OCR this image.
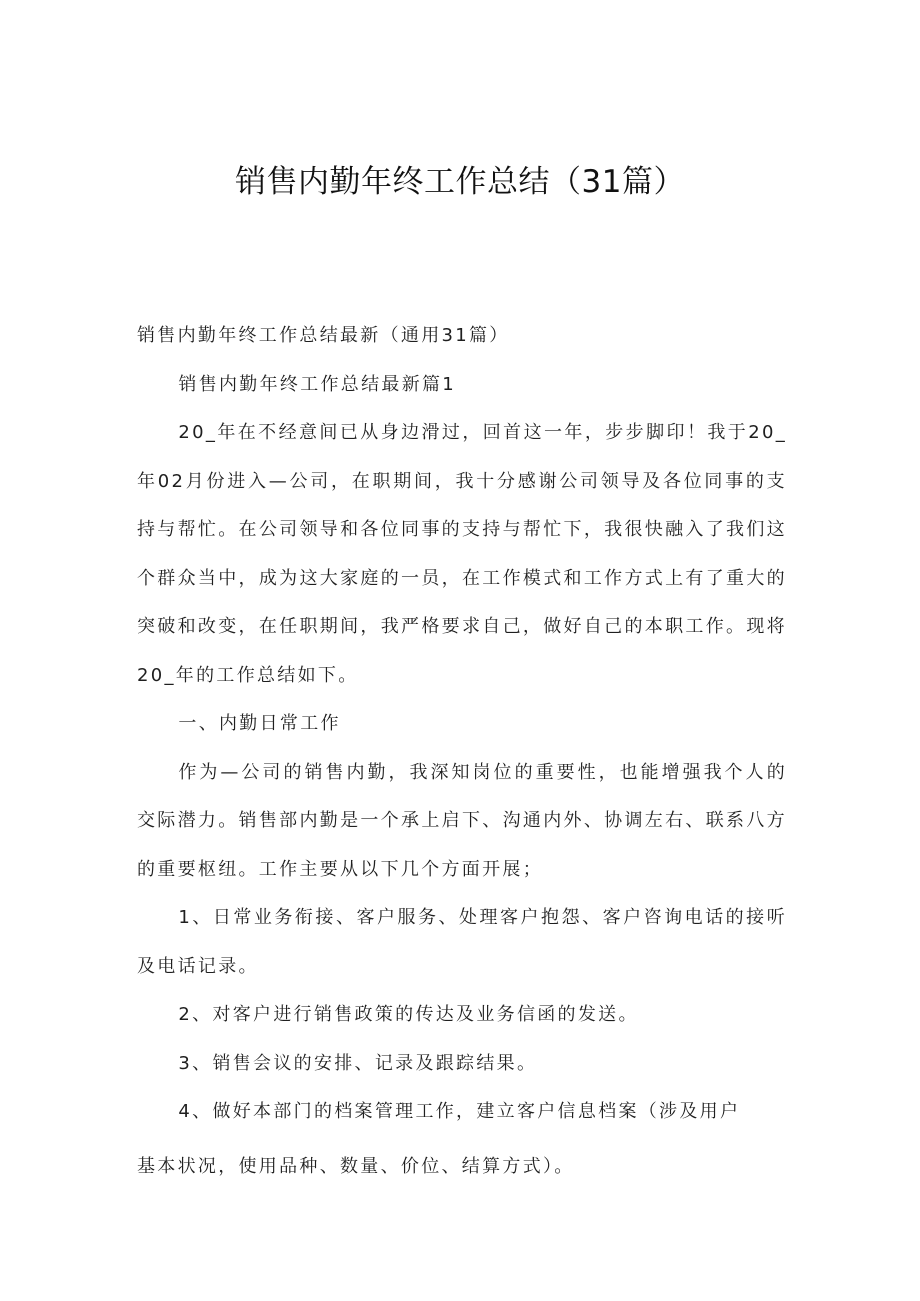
销售内勤年终工作总结（31篇）

销售内勤年终工作总结最新（通用31篇）

销售内勤年终工作总结最新篇1

20_年在不经意间已从身边滑过，回首这一年，步步脚印！我于20_年02月份进入—公司，在职期间，我十分感谢公司领导及各位同事的支持与帮忙。在公司领导和各位同事的支持与帮忙下，我很快融入了我们这个群众当中，成为这大家庭的一员，在工作模式和工作方式上有了重大的突破和改变，在任职期间，我严格要求自己，做好自己的本职工作。现将20_年的工作总结如下。

一、内勤日常工作

作为—公司的销售内勤，我深知岗位的重要性，也能增强我个人的交际潜力。销售部内勤是一个承上启下、沟通内外、协调左右、联系八方的重要枢纽。工作主要从以下几个方面开展；

1、日常业务衔接、客户服务、处理客户抱怨、客户咨询电话的接听及电话记录。

2、对客户进行销售政策的传达及业务信函的发送。

3、销售会议的安排、记录及跟踪结果。

4、做好本部门的档案管理工作，建立客户信息档案（涉及用户

基本状况，使用品种、数量、价位、结算方式）。
